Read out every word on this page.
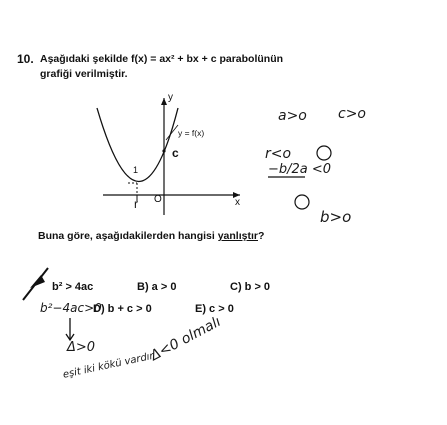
10. Aşağıdaki şekilde f(x) = ax² + bx + c parabolünün
grafiği verilmiştir.
y
x
y = f(x)
c
1
r O
Buna göre, aşağıdakilerden hangisi yanlıştır?
b² > 4ac	B) a > 0	C) b > 0
D) b + c > 0	E) c > 0
a>o c>o
r<o
−b/2a <0
b>o
b²−4ac>0
Δ>0
eşit iki kökü vardır
Δ<0 olmalı
